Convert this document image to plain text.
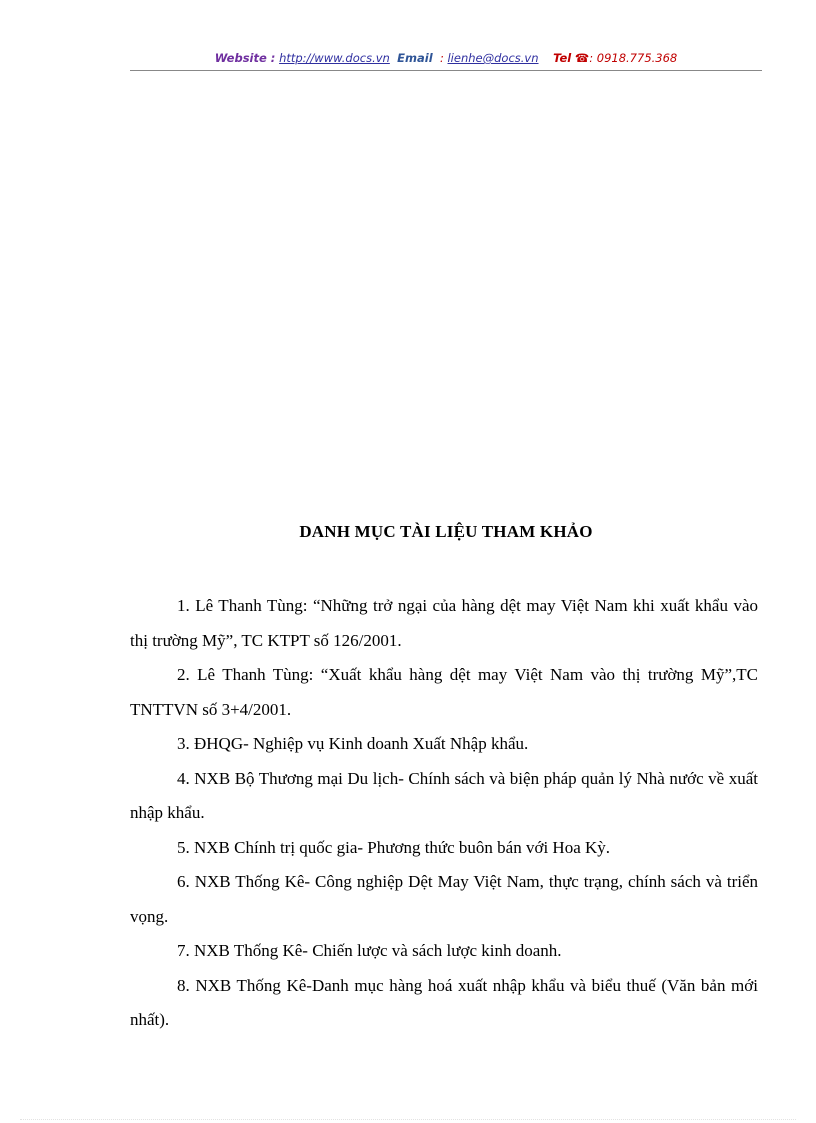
Website : http://www.docs.vn Email : lienhe@docs.vn Tel ☎: 0918.775.368
DANH MỤC TÀI LIỆU THAM KHẢO

1. Lê Thanh Tùng: “Những trở ngại của hàng dệt may Việt Nam khi xuất khẩu vào thị trường Mỹ”, TC KTPT số 126/2001.

2. Lê Thanh Tùng: “Xuất khẩu hàng dệt may Việt Nam vào thị trường Mỹ”,TC TNTTVN số 3+4/2001.

3. ĐHQG- Nghiệp vụ Kinh doanh Xuất Nhập khẩu.

4. NXB Bộ Thương mại Du lịch- Chính sách và biện pháp quản lý Nhà nước về xuất nhập khẩu.

5. NXB Chính trị quốc gia- Phương thức buôn bán với Hoa Kỳ.

6. NXB Thống Kê- Công nghiệp Dệt May Việt Nam, thực trạng, chính sách và triển vọng.

7. NXB Thống Kê- Chiến lược và sách lược kinh doanh.

8. NXB Thống Kê-Danh mục hàng hoá xuất nhập khẩu và biểu thuế (Văn bản mới nhất).
